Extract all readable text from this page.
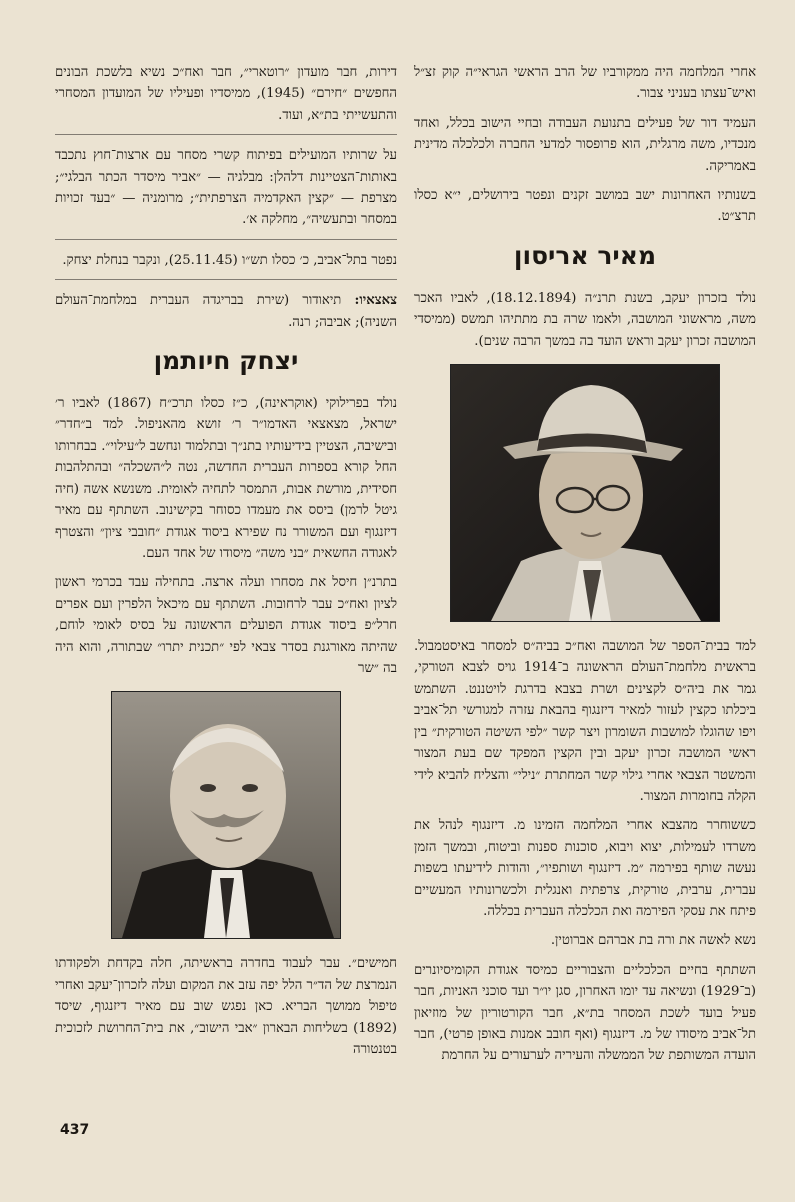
אחרי המלחמה היה ממקורביו של הרב הראשי הגראי״ה קוק זצ״ל ואיש־עצתו בעניני צבור.

העמיד דור של פעילים בתנועת העבודה ובחיי הישוב בכלל, ואחד מנכדיו, משה מרגלית, הוא פרופסור למדעי החברה ולכלכלה מדינית באמריקה.

בשנותיו האחרונות ישב במושב זקנים ונפטר בירושלים, י״א כסלו תרצ״ט.

מאיר אריסון

נולד בזכרון יעקב, בשנת תרנ״ה (18.12.1894), לאביו האכר משה, מראשוני המושבה, ולאמו שרה בת מתתיהו תמשס (ממיסדי המושבה זכרון יעקב וראש הועד בה במשך הרבה שנים).

למד בבית־הספר של המושבה ואח״כ בביה״ס למסחר באיסטמבול. בראשית מלחמת־העולם הראשונה ב־1914 גויס לצבא הטורקי, גמר את ביה״ס לקצינים ושרת בצבא בדרגת לויטננט. השתמש ביכלתו כקצין לעזור למאיר דיזנגוף בהבאת עזרה למגורשי תל־אביב ויפו שהוגלו למושבות השומרון ויצר קשר ״לפי השיטה הטורקית״ בין ראשי המושבה זכרון יעקב ובין הקצין המפקד שם בעת המצור והמשטר הצבאי אחרי גילוי קשר המחתרת ״נילי״ והצליח להביא לידי הקלה בחומרות המצור.

כששוחרר מהצבא אחרי המלחמה הזמינו מ. דיזנגוף לנהל את משרדו לעמילות, יצוא ויבוא, סוכנות ספנות וביטוח, ובמשך הזמן נעשה שותף בפירמה ״מ. דיזנגוף ושותפיו״, והודות לידיעתו בשפות עברית, ערבית, טורקית, צרפתית ואנגלית ולכשרונותיו המעשיים פיתח את עסקי הפירמה ואת הכלכלה העברית בכללה.

נשא לאשה את ורה בת אברהם אברוטין.

השתתף בחיים הכלכליים והצבוריים כמיסד אגודת הקומיסיונרים (ב־1929) ונשיאה עד יומו האחרון, סגן יו״ר ועד סוכני האניות, חבר פעיל בועד לשכת המסחר בת״א, חבר הקורטוריון של מוזיאון תל־אביב מיסודו של מ. דיזנגוף (ואף חובב אמנות באופן פרטי), חבר הועדה המשותפת של הממשלה והעיריה לערעורים על החרמת

דירות, חבר מועדון ״רוטארי״, חבר ואח״כ נשיא בלשכת הבונים החפשים ״חירם״ (1945), ממיסדיו ופעיליו של המועדון המסחרי והתעשייתי בת״א, ועוד.

על שרותיו המועילים בפיתוח קשרי מסחר עם ארצות־חוץ נתכבד באותות־הצטיינות דלהלן: מבלגיה — ״אביר מיסדר הכתר הבלגי״; מצרפת — ״קצין האקדמיה הצרפתית״; מרומניה — ״בעד זכויות במסחר ובתעשיה״, מחלקה א׳.

נפטר בתל־אביב, כ׳ כסלו תש״ו (25.11.45), ונקבר בנחלת יצחק.

צאצאיו: תיאודור (שירת בבריגדה העברית במלחמת־העולם השניה); אביבה; רנה.

יצחק חיותמן

נולד בפרילוקי (אוקראינה), כ״ז כסלו תרכ״ח (1867) לאביו ר׳ ישראל, מצאצאי האדמו״ר ר׳ זושא מהאניפול. למד ב״חדר״ ובישיבה, הצטיין בידיעותיו בתנ״ך ובתלמוד ונחשב ל״עילוי״. בבחרותו החל קורא בספרות העברית החדשה, נטה ל״השכלה״ ובהתלהבות חסידית, מורשת אבות, התמסר לתחיה לאומית. משנשא אשה (חיה גיטל לרמן) ביסס את מעמדו כסוחר בקישינוב. השתתף עם מאיר דיזנגוף ועם המשורר נח שפירא ביסוד אגודת ״חובבי ציון״ והצטרף לאגודה החשאית ״בני משה״ מיסודו של אחד העם.

בתרנ״ן חיסל את מסחרו ועלה ארצה. בתחילה עבד בכרמי ראשון לציון ואח״כ עבר לרחובות. השתתף עם מיכאל הלפרין ועם אפרים חרל״פ ביסוד אגודת הפועלים הראשונה על בסיס לאומי לוחם, שהיתה מאורגנת בסדר צבאי לפי ״תכנית יתרו״ שבתורה, והוא היה בה ״שר

חמישים״. עבר לעבוד בחדרה בראשיתה, חלה בקדחת ולפקודתו הנמרצת של הד״ר הלל יפה עזב את המקום ועלה לזכרון־יעקב ואחרי טיפול ממושך הבריא. כאן נפגש שוב עם מאיר דיזנגוף, שיסד (1892) בשליחות הבארון ״אבי הישוב״, את בית־החרושת לזכוכית בטנטורה

437
